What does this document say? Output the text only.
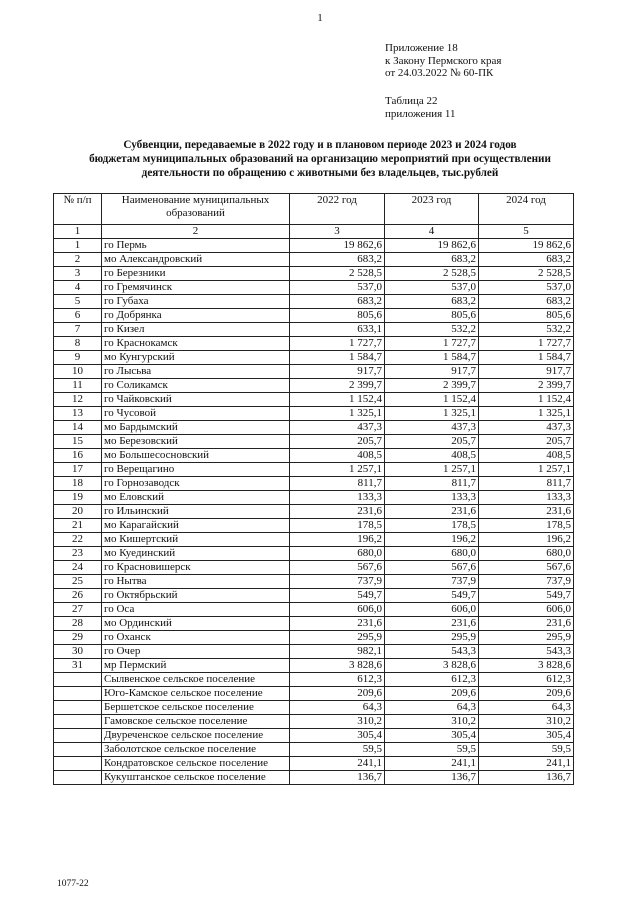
1
Приложение 18
к Закону Пермского края
от 24.03.2022 № 60-ПК
Таблица 22
приложения 11
Субвенции, передаваемые в 2022 году и в плановом периоде 2023 и 2024 годов
бюджетам муниципальных образований на организацию мероприятий при осуществлении
деятельности по обращению с животными без владельцев, тыс.рублей
№ п/п	Наименование муниципальных образований	2022 год	2023 год	2024 год
1	2	3	4	5
1	го Пермь	19 862,6	19 862,6	19 862,6
2	мо Александровский	683,2	683,2	683,2
3	го Березники	2 528,5	2 528,5	2 528,5
4	го Гремячинск	537,0	537,0	537,0
5	го Губаха	683,2	683,2	683,2
6	го Добрянка	805,6	805,6	805,6
7	го Кизел	633,1	532,2	532,2
8	го Краснокамск	1 727,7	1 727,7	1 727,7
9	мо Кунгурский	1 584,7	1 584,7	1 584,7
10	го Лысьва	917,7	917,7	917,7
11	го Соликамск	2 399,7	2 399,7	2 399,7
12	го Чайковский	1 152,4	1 152,4	1 152,4
13	го Чусовой	1 325,1	1 325,1	1 325,1
14	мо Бардымский	437,3	437,3	437,3
15	мо Березовский	205,7	205,7	205,7
16	мо Большесосновский	408,5	408,5	408,5
17	го Верещагино	1 257,1	1 257,1	1 257,1
18	го Горнозаводск	811,7	811,7	811,7
19	мо Еловский	133,3	133,3	133,3
20	го Ильинский	231,6	231,6	231,6
21	мо Карагайский	178,5	178,5	178,5
22	мо Кишертский	196,2	196,2	196,2
23	мо Куединский	680,0	680,0	680,0
24	го Красновишерск	567,6	567,6	567,6
25	го Нытва	737,9	737,9	737,9
26	го Октябрьский	549,7	549,7	549,7
27	го Оса	606,0	606,0	606,0
28	мо Ординский	231,6	231,6	231,6
29	го Оханск	295,9	295,9	295,9
30	го Очер	982,1	543,3	543,3
31	мр Пермский	3 828,6	3 828,6	3 828,6
	Сылвенское сельское поселение	612,3	612,3	612,3
	Юго-Камское сельское поселение	209,6	209,6	209,6
	Бершетское сельское поселение	64,3	64,3	64,3
	Гамовское сельское поселение	310,2	310,2	310,2
	Двуреченское сельское поселение	305,4	305,4	305,4
	Заболотское сельское поселение	59,5	59,5	59,5
	Кондратовское сельское поселение	241,1	241,1	241,1
	Кукуштанское сельское поселение	136,7	136,7	136,7
1077-22
